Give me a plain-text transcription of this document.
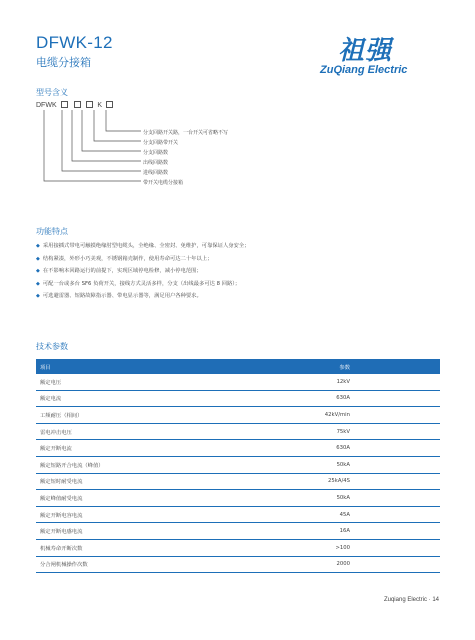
DFWK-12
电缆分接箱	祖强
ZuQiang Electric
型号含义
DFWK	K
分支回路开关路，一台开关可省略不写
分支回路带开关
分支回路数
出线回路数
进线回路数
带开关电缆分接箱
功能特点
◆ 采用接插式带电可触摸绝缘肘型电缆头，全绝缘、全密封、免维护，可靠保证人身安全；
◆ 结构紧凑，外形小巧美观，不锈钢箱壳制作，使用寿命可达二十年以上；
◆ 在不影响本回路运行的前提下，实现区域停电检修，减小停电范围；
◆ 可配一台或多台 SF6 负荷开关，接线方式灵活多样，分支（出线最多可达 8 回路）；
◆ 可选避雷器、短路故障指示器、带电显示器等，满足用户各种要求。
技术参数
项目	参数
额定电压	12kV
额定电流	630A
工频耐压（相间）	42kV/min
雷电冲击电压	75kV
额定开断电流	630A
额定短路开合电流（峰值）	50kA
额定短时耐受电流	25kA/4S
额定峰值耐受电流	50kA
额定开断电容电流	45A
额定开断电感电流	16A
机械寿命开断次数	>100
分合闸机械操作次数	2000
Zuqiang Electric · 14
